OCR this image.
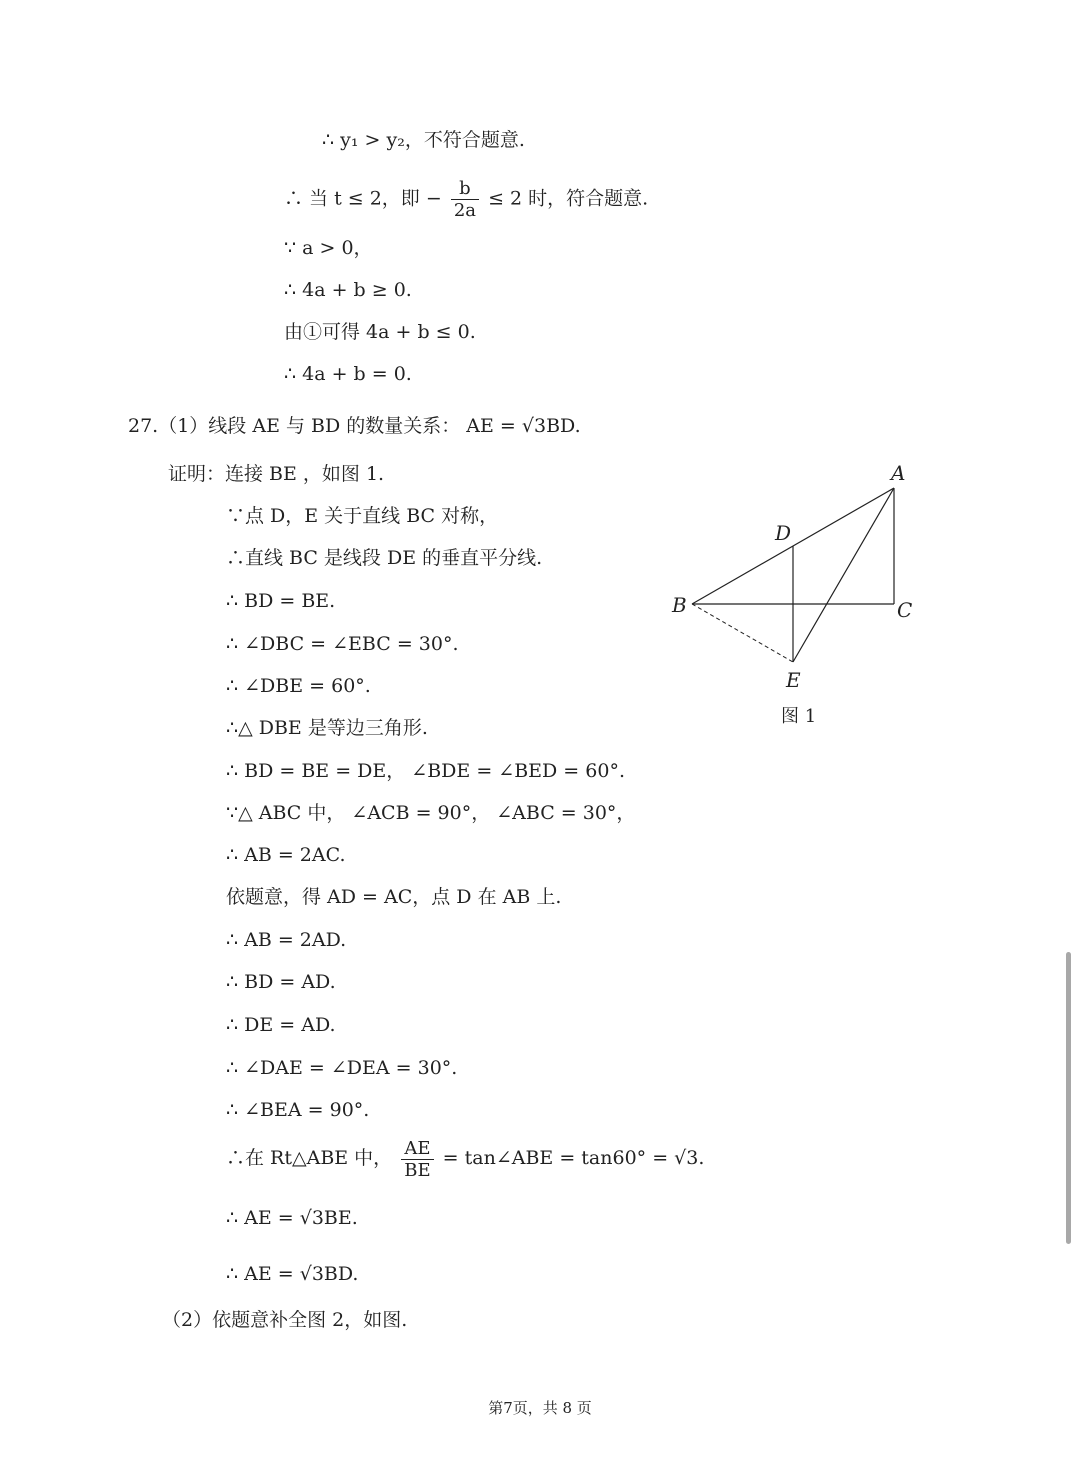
∴ y₁ > y₂，不符合题意.
∴ 当 t ≤ 2，即 − $\frac{b}{2a} \le 2$ 时，符合题意.
∵ a > 0，
∴ 4a + b ≥ 0.
由①可得 4a + b ≤ 0.
∴ 4a + b = 0.
27.（1）线段 AE 与 BD 的数量关系： AE = √3BD.
证明：连接 BE ，如图 1.
∵点 D，E 关于直线 BC 对称，
∴直线 BC 是线段 DE 的垂直平分线.
∴ BD = BE.
∴ ∠DBC = ∠EBC = 30°.
∴ ∠DBE = 60°.
∴△ DBE 是等边三角形.
∴ BD = BE = DE， ∠BDE = ∠BED = 60°.
∵△ ABC 中， ∠ACB = 90°， ∠ABC = 30°，
∴ AB = 2AC.
依题意，得 AD = AC，点 D 在 AB 上.
∴ AB = 2AD.
∴ BD = AD.
∴ DE = AD.
∴ ∠DAE = ∠DEA = 30°.
∴ ∠BEA = 90°.
∴在 Rt△ABE 中， $\frac{AE}{BE}$ = tan∠ABE = tan60° = √3.
∴ AE = √3BE.
∴ AE = √3BD.
（2）依题意补全图 2，如图.
A
B	C
D
E
图 1
第7页，共 8 页
